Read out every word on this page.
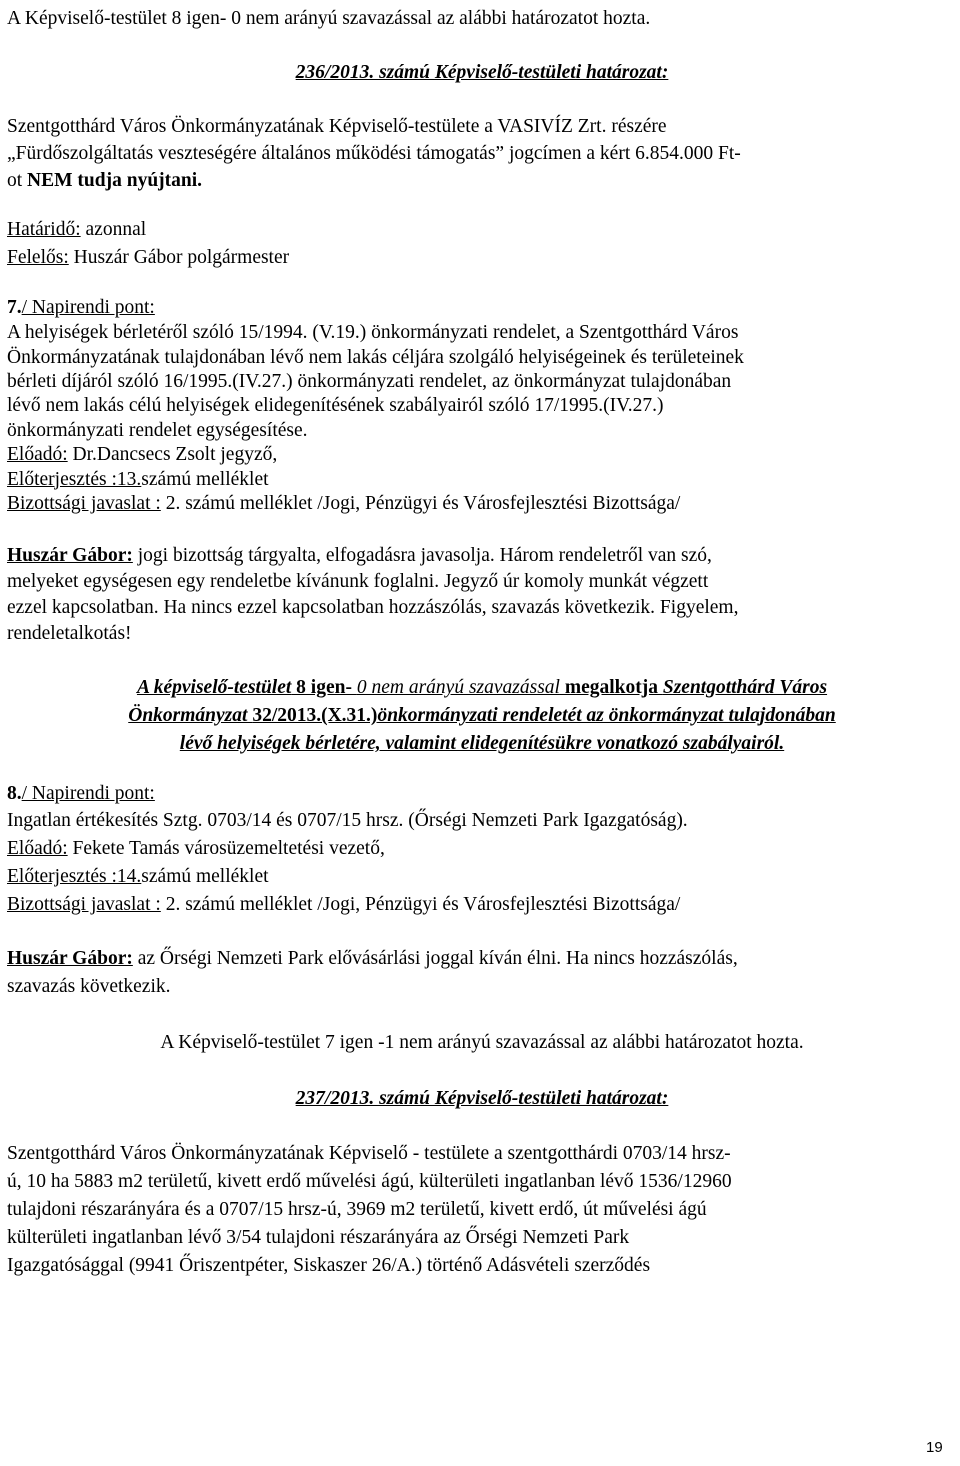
A Képviselő-testület 8 igen- 0 nem arányú szavazással az alábbi határozatot hozta.
236/2013. számú Képviselő-testületi határozat:
Szentgotthárd Város Önkormányzatának Képviselő-testülete a VASIVÍZ Zrt. részére
„Fürdőszolgáltatás veszteségére általános működési támogatás” jogcímen a kért 6.854.000 Ft-
ot NEM tudja nyújtani.
Határidő: azonnal
Felelős: Huszár Gábor polgármester
7./ Napirendi pont:
A helyiségek bérletéről szóló 15/1994. (V.19.) önkormányzati rendelet, a Szentgotthárd Város
Önkormányzatának tulajdonában lévő nem lakás céljára szolgáló helyiségeinek és területeinek
bérleti díjáról szóló 16/1995.(IV.27.) önkormányzati rendelet, az önkormányzat tulajdonában
lévő nem lakás célú helyiségek elidegenítésének szabályairól szóló 17/1995.(IV.27.)
önkormányzati rendelet egységesítése.
Előadó: Dr.Dancsecs Zsolt jegyző,
Előterjesztés :13.számú melléklet
Bizottsági javaslat : 2. számú melléklet /Jogi, Pénzügyi és Városfejlesztési Bizottsága/
Huszár Gábor: jogi bizottság tárgyalta, elfogadásra javasolja. Három rendeletről van szó,
melyeket egységesen egy rendeletbe kívánunk foglalni. Jegyző úr komoly munkát végzett
ezzel kapcsolatban. Ha nincs ezzel kapcsolatban hozzászólás, szavazás következik. Figyelem,
rendeletalkotás!
A képviselő-testület 8 igen- 0 nem arányú szavazással megalkotja Szentgotthárd Város
Önkormányzat 32/2013.(X.31.)önkormányzati rendeletét az önkormányzat tulajdonában
lévő helyiségek bérletére, valamint elidegenítésükre vonatkozó szabályairól.
8./ Napirendi pont:
Ingatlan értékesítés Sztg. 0703/14 és 0707/15 hrsz. (Őrségi Nemzeti Park Igazgatóság).
Előadó: Fekete Tamás városüzemeltetési vezető,
Előterjesztés :14.számú melléklet
Bizottsági javaslat : 2. számú melléklet /Jogi, Pénzügyi és Városfejlesztési Bizottsága/
Huszár Gábor: az Őrségi Nemzeti Park elővásárlási joggal kíván élni. Ha nincs hozzászólás,
szavazás következik.
A Képviselő-testület 7 igen -1 nem arányú szavazással az alábbi határozatot hozta.
237/2013. számú Képviselő-testületi határozat:
Szentgotthárd Város Önkormányzatának Képviselő - testülete a szentgotthárdi 0703/14 hrsz-
ú, 10 ha 5883 m2 területű, kivett erdő művelési ágú, külterületi ingatlanban lévő 1536/12960
tulajdoni részarányára és a 0707/15 hrsz-ú, 3969 m2 területű, kivett erdő, út művelési ágú
külterületi ingatlanban lévő 3/54 tulajdoni részarányára az Őrségi Nemzeti Park
Igazgatósággal (9941 Őriszentpéter, Siskaszer 26/A.) történő Adásvételi szerződés
19
